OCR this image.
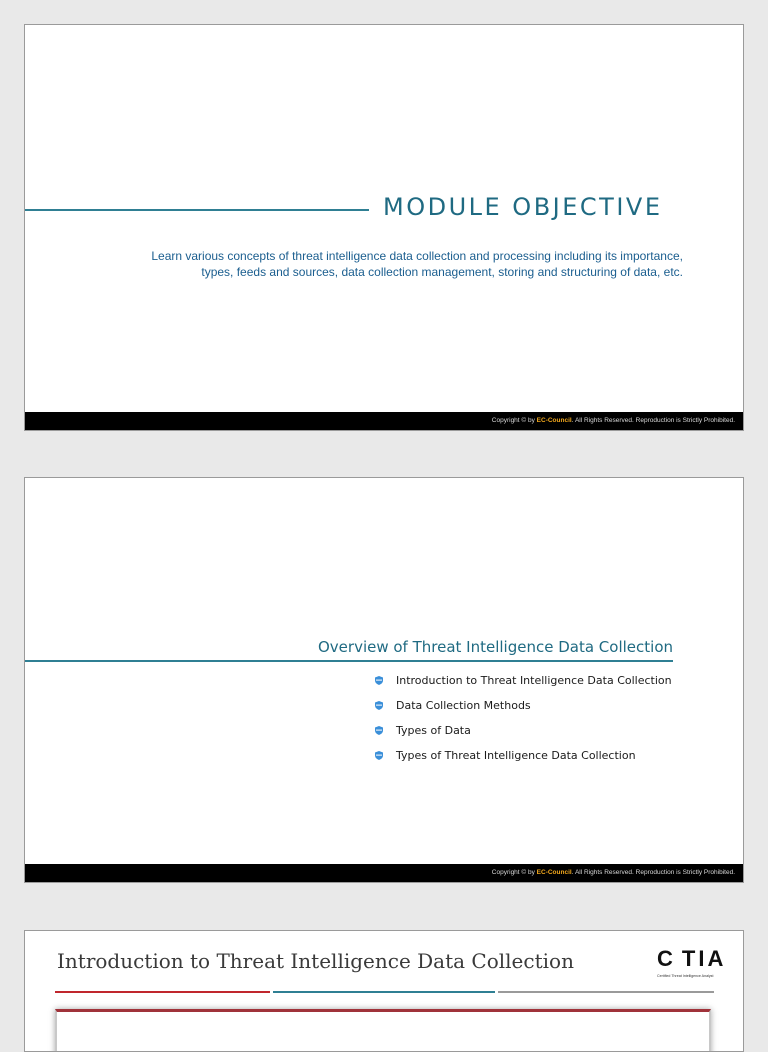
MODULE OBJECTIVE
Learn various concepts of threat intelligence data collection and processing including its importance,
types, feeds and sources, data collection management, storing and structuring of data, etc.
Copyright © by EC-Council. All Rights Reserved. Reproduction is Strictly Prohibited.
Overview of Threat Intelligence Data Collection
Introduction to Threat Intelligence Data Collection
Data Collection Methods
Types of Data
Types of Threat Intelligence Data Collection
Copyright © by EC-Council. All Rights Reserved. Reproduction is Strictly Prohibited.
Introduction to Threat Intelligence Data Collection	C TIA
Certified Threat Intelligence Analyst
